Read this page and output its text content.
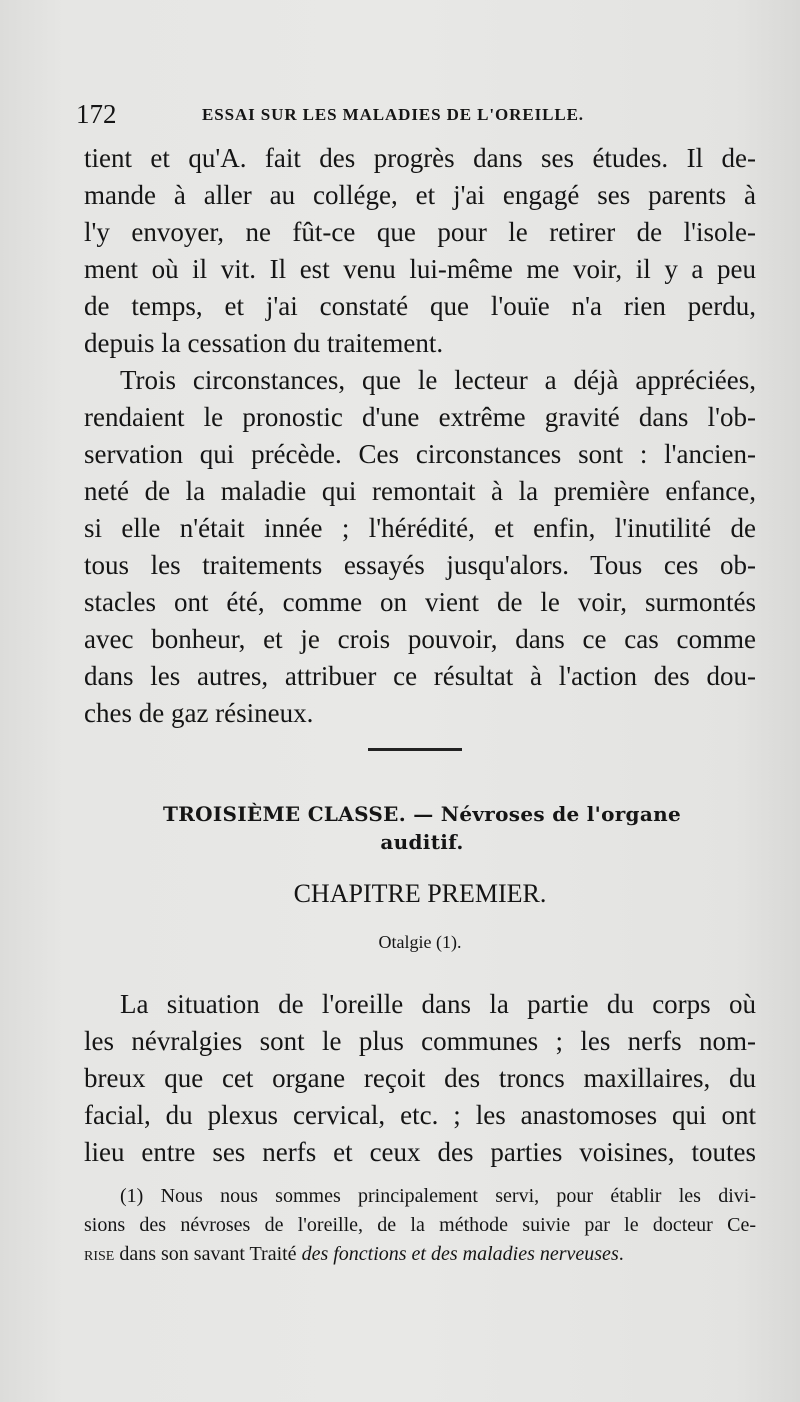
172	ESSAI SUR LES MALADIES DE L'OREILLE.
tient et qu'A. fait des progrès dans ses études. Il de-
mande à aller au collége, et j'ai engagé ses parents à
l'y envoyer, ne fût-ce que pour le retirer de l'isole-
ment où il vit. Il est venu lui-même me voir, il y a peu
de temps, et j'ai constaté que l'ouïe n'a rien perdu,
depuis la cessation du traitement.
Trois circonstances, que le lecteur a déjà appréciées,
rendaient le pronostic d'une extrême gravité dans l'ob-
servation qui précède. Ces circonstances sont : l'ancien-
neté de la maladie qui remontait à la première enfance,
si elle n'était innée ; l'hérédité, et enfin, l'inutilité de
tous les traitements essayés jusqu'alors. Tous ces ob-
stacles ont été, comme on vient de le voir, surmontés
avec bonheur, et je crois pouvoir, dans ce cas comme
dans les autres, attribuer ce résultat à l'action des dou-
ches de gaz résineux.
TROISIÈME CLASSE. — Névroses de l'organe
auditif.
CHAPITRE PREMIER.
Otalgie (1).
La situation de l'oreille dans la partie du corps où
les névralgies sont le plus communes ; les nerfs nom-
breux que cet organe reçoit des troncs maxillaires, du
facial, du plexus cervical, etc. ; les anastomoses qui ont
lieu entre ses nerfs et ceux des parties voisines, toutes
(1) Nous nous sommes principalement servi, pour établir les divi-
sions des névroses de l'oreille, de la méthode suivie par le docteur Ce-
rise dans son savant Traité des fonctions et des maladies nerveuses.
